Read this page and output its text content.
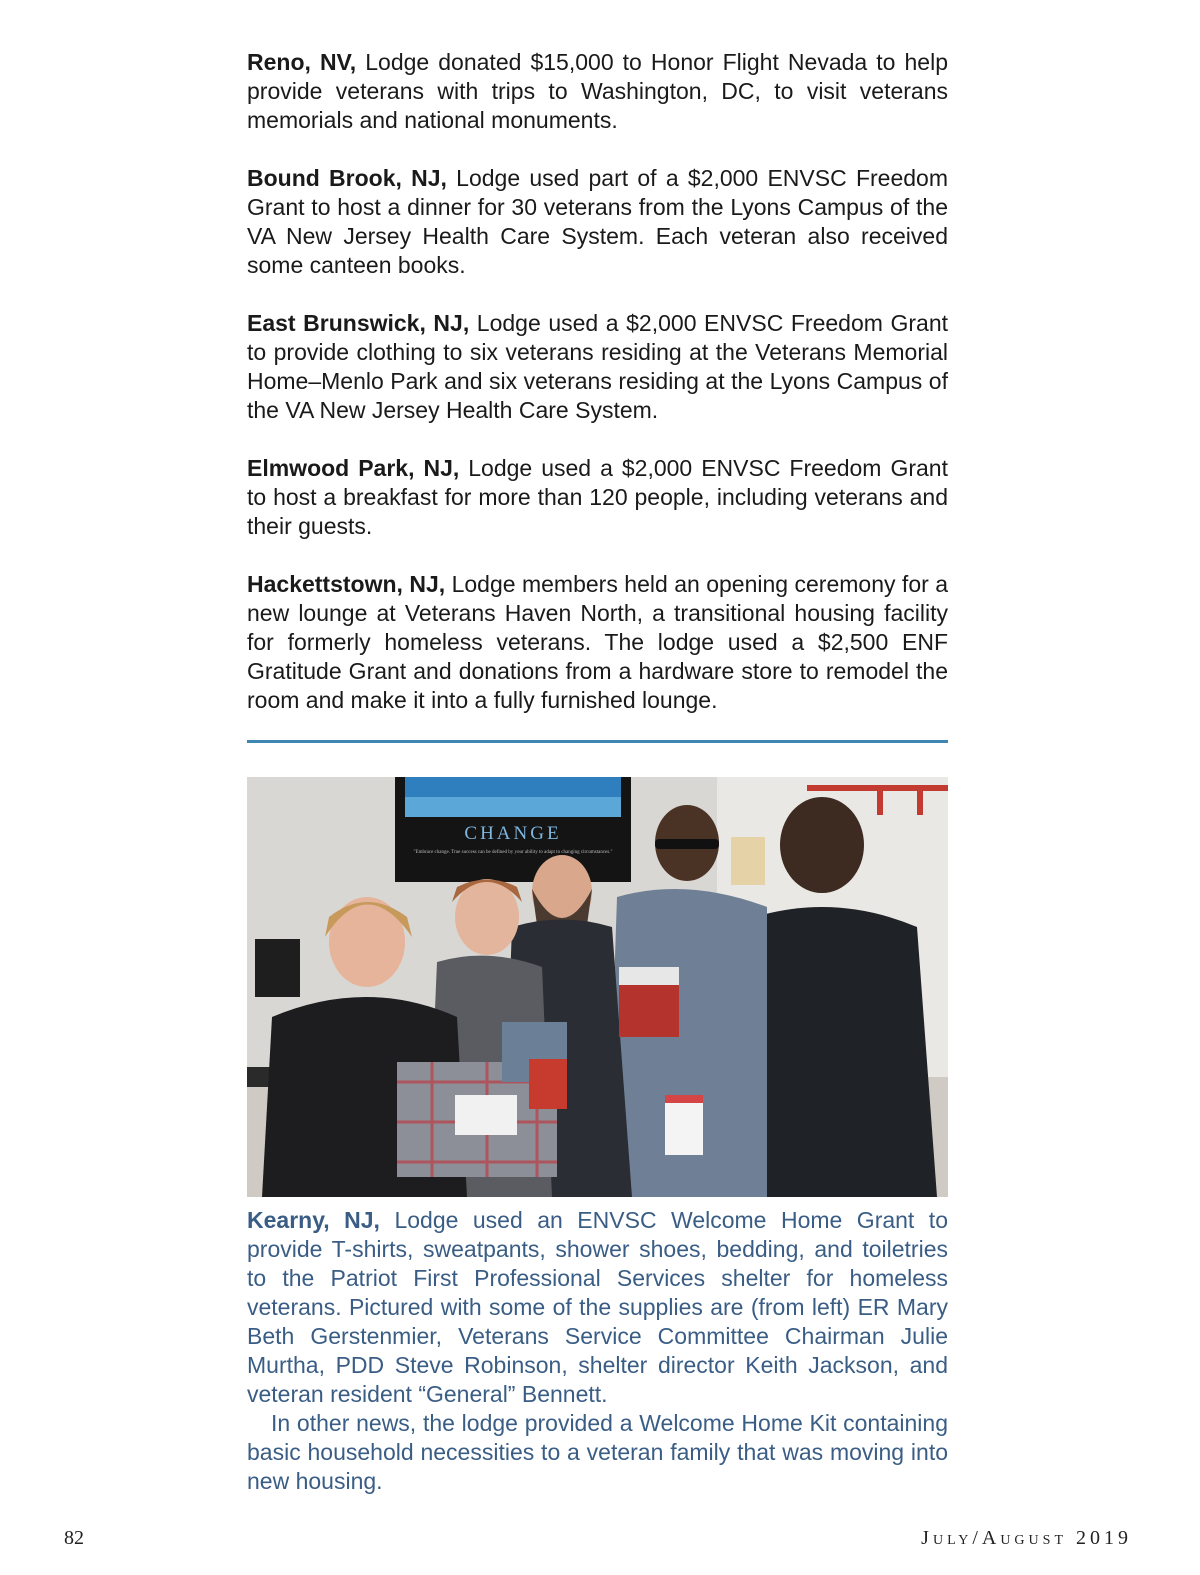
Reno, NV, Lodge donated $15,000 to Honor Flight Nevada to help provide veterans with trips to Washington, DC, to visit veterans memorials and national monuments.

Bound Brook, NJ, Lodge used part of a $2,000 ENVSC Freedom Grant to host a dinner for 30 veterans from the Lyons Campus of the VA New Jersey Health Care System. Each veteran also received some canteen books.

East Brunswick, NJ, Lodge used a $2,000 ENVSC Freedom Grant to provide clothing to six veterans residing at the Veterans Memorial Home–Menlo Park and six veterans residing at the Lyons Campus of the VA New Jersey Health Care System.

Elmwood Park, NJ, Lodge used a $2,000 ENVSC Freedom Grant to host a breakfast for more than 120 people, including veterans and their guests.

Hackettstown, NJ, Lodge members held an opening ceremony for a new lounge at Veterans Haven North, a transitional housing facility for formerly homeless veterans. The lodge used a $2,500 ENF Gratitude Grant and donations from a hardware store to remodel the room and make it into a fully furnished lounge.

CHANGE
"Embrace change. True success can be defined by your ability to adapt to changing circumstances."

Kearny, NJ, Lodge used an ENVSC Welcome Home Grant to provide T-shirts, sweatpants, shower shoes, bedding, and toiletries to the Patriot First Professional Services shelter for homeless veterans. Pictured with some of the supplies are (from left) ER Mary Beth Gerstenmier, Veterans Service Committee Chairman Julie Murtha, PDD Steve Robinson, shelter director Keith Jackson, and veteran resident “General” Bennett.

In other news, the lodge provided a Welcome Home Kit containing basic household necessities to a veteran family that was moving into new housing.

82	July/August 2019
